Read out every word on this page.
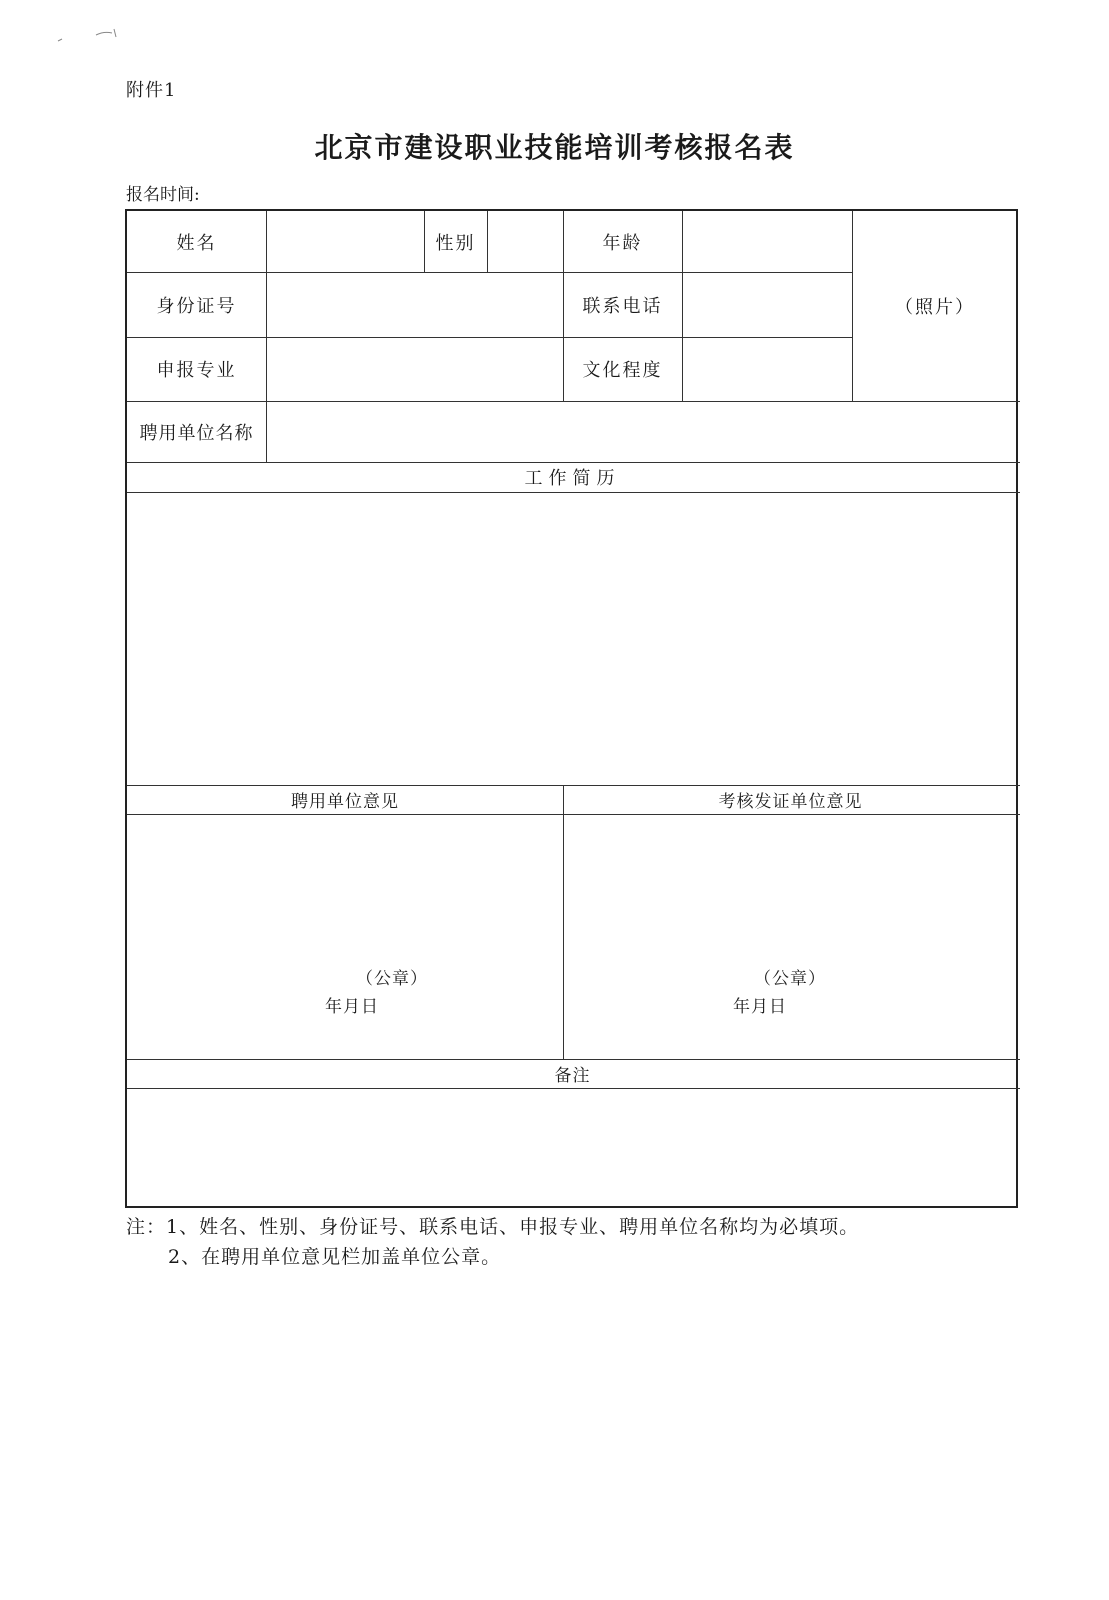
附件1
北京市建设职业技能培训考核报名表
报名时间:
姓名	性别	年龄
（照片）
身份证号	联系电话
申报专业	文化程度
聘用单位名称
工作简历
聘用单位意见	考核发证单位意见
（公章）
年月日
（公章）
年月日
备注
注：1、姓名、性别、身份证号、联系电话、申报专业、聘用单位名称均为必填项。
2、在聘用单位意见栏加盖单位公章。
